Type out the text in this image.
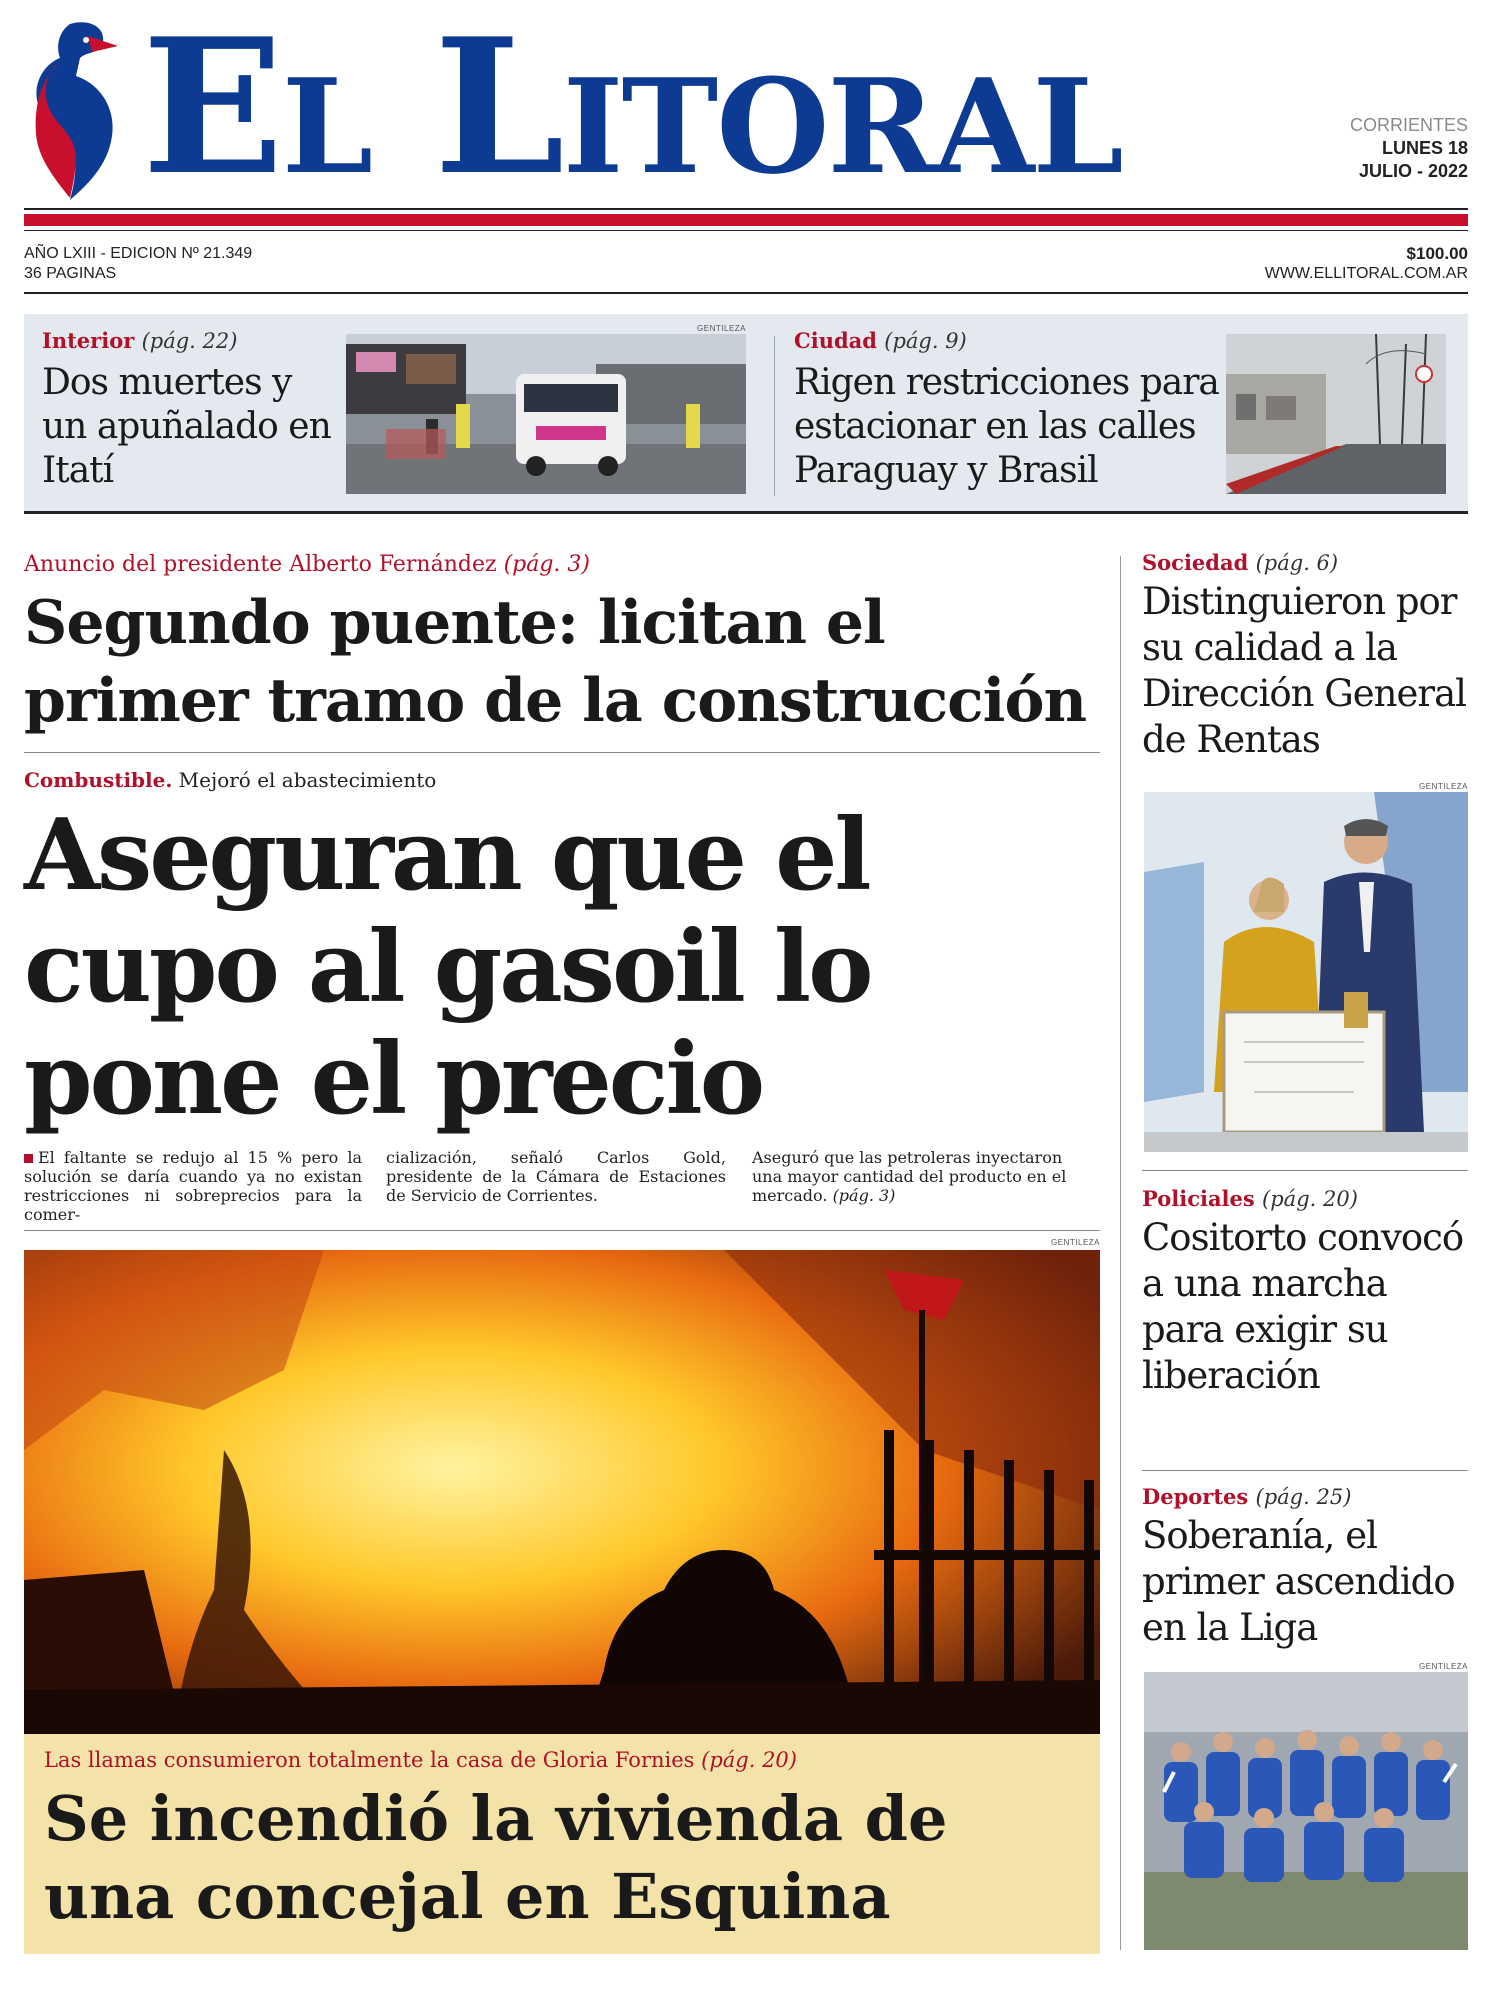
El Litoral	CORRIENTES
LUNES 18
JULIO - 2022
AÑO LXIII - EDICION Nº 21.349
36 PAGINAS
$100.00
WWW.ELLITORAL.COM.AR
Interior (pág. 22)
Dos muertes y un apuñalado en Itatí
GENTILEZA Ciudad (pág. 9)
Rigen restricciones para estacionar en las calles Paraguay y Brasil
Anuncio del presidente Alberto Fernández (pág. 3)
Segundo puente: licitan el primer tramo de la construcción
Combustible. Mejoró el abastecimiento
Aseguran que el cupo al gasoil lo pone el precio
El faltante se redujo al 15 % pero la solución se daría cuando ya no existan restricciones ni sobreprecios para la comer-
cialización, señaló Carlos Gold, presidente de la Cámara de Estaciones de Servicio de Corrientes.
Aseguró que las petroleras inyectaron una mayor cantidad del producto en el mercado. (pág. 3)
GENTILEZA
Las llamas consumieron totalmente la casa de Gloria Fornies (pág. 20)
Se incendió la vivienda de una concejal en Esquina
Sociedad (pág. 6)
Distinguieron por su calidad a la Dirección General de Rentas
GENTILEZA
Policiales (pág. 20)
Cositorto convocó a una marcha para exigir su liberación
Deportes (pág. 25)
Soberanía, el primer ascendido en la Liga
GENTILEZA
